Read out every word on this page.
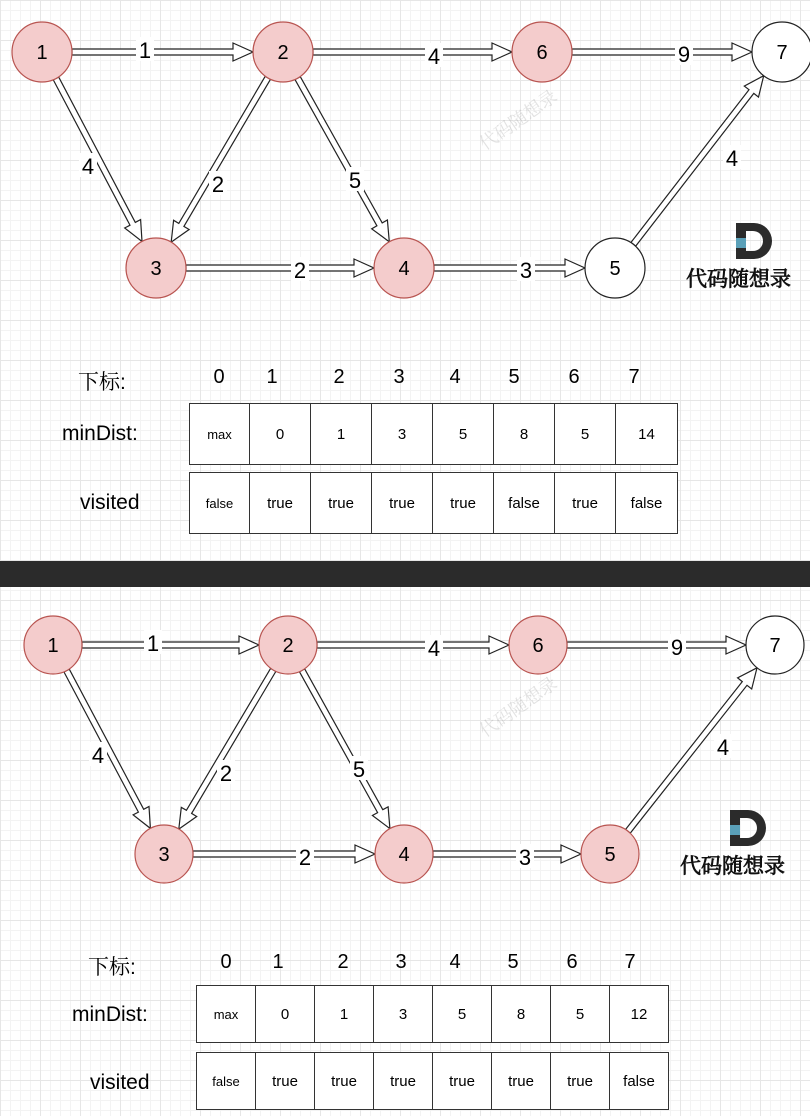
1	4	9
4
2	5
2	3
4
1	2	6	7
3	4	5	代码随想录
代码随想录
下标:	0	1	2	3	4	5	6	7
minDist:	max	0	1	3	5	8	5	14
visited	false	true	true	true	true	false	true	false
1	4	9
4
2	5
2	3
4
1	2	6	7
3	4	5	代码随想录
代码随想录
下标:	0	1	2	3	4	5	6	7
minDist:	max	0	1	3	5	8	5	12
visited	false	true	true	true	true	true	true	false
